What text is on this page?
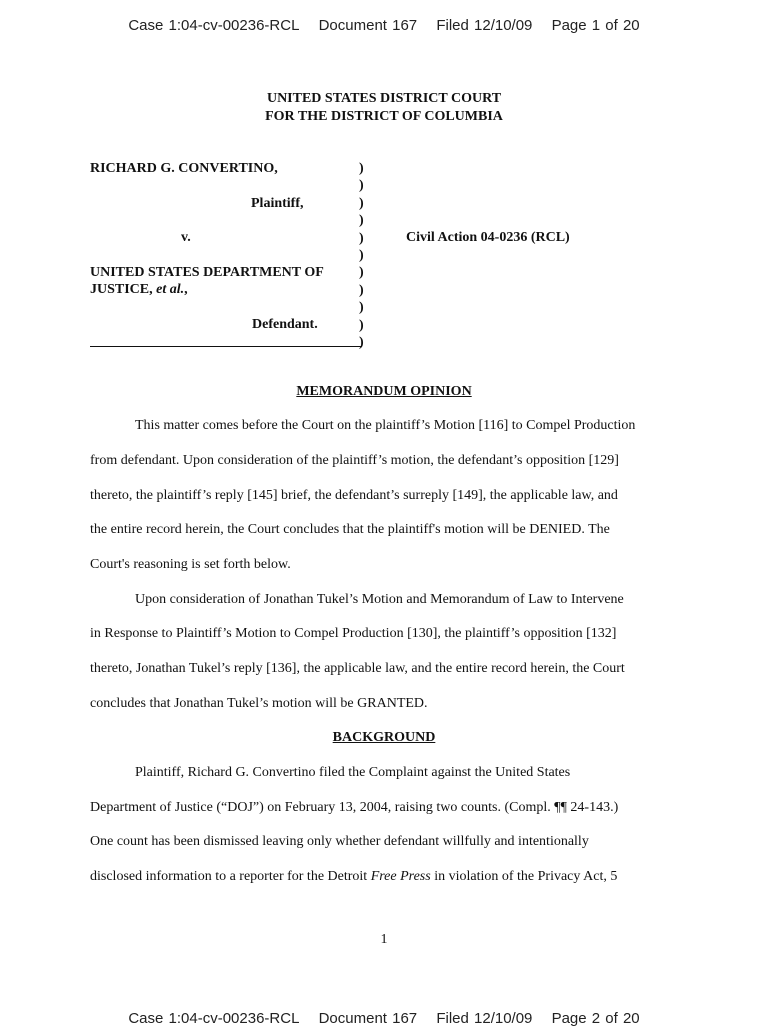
Case 1:04-cv-00236-RCL Document 167 Filed 12/10/09 Page 1 of 20
UNITED STATES DISTRICT COURT
FOR THE DISTRICT OF COLUMBIA
RICHARD G. CONVERTINO,
Plaintiff,
v.
UNITED STATES DEPARTMENT OF
JUSTICE, et al.,
Defendant.
)
)
)
)
)
)
)
)
)
)
)
Civil Action 04-0236 (RCL)
MEMORANDUM OPINION
This matter comes before the Court on the plaintiff’s Motion [116] to Compel Production
from defendant. Upon consideration of the plaintiff’s motion, the defendant’s opposition [129]
thereto, the plaintiff’s reply [145] brief, the defendant’s surreply [149], the applicable law, and
the entire record herein, the Court concludes that the plaintiff's motion will be DENIED. The
Court's reasoning is set forth below.
Upon consideration of Jonathan Tukel’s Motion and Memorandum of Law to Intervene
in Response to Plaintiff’s Motion to Compel Production [130], the plaintiff’s opposition [132]
thereto, Jonathan Tukel’s reply [136], the applicable law, and the entire record herein, the Court
concludes that Jonathan Tukel’s motion will be GRANTED.
BACKGROUND
Plaintiff, Richard G. Convertino filed the Complaint against the United States
Department of Justice (“DOJ”) on February 13, 2004, raising two counts. (Compl. ¶¶ 24-143.)
One count has been dismissed leaving only whether defendant willfully and intentionally
disclosed information to a reporter for the Detroit Free Press in violation of the Privacy Act, 5
1
Case 1:04-cv-00236-RCL Document 167 Filed 12/10/09 Page 2 of 20
